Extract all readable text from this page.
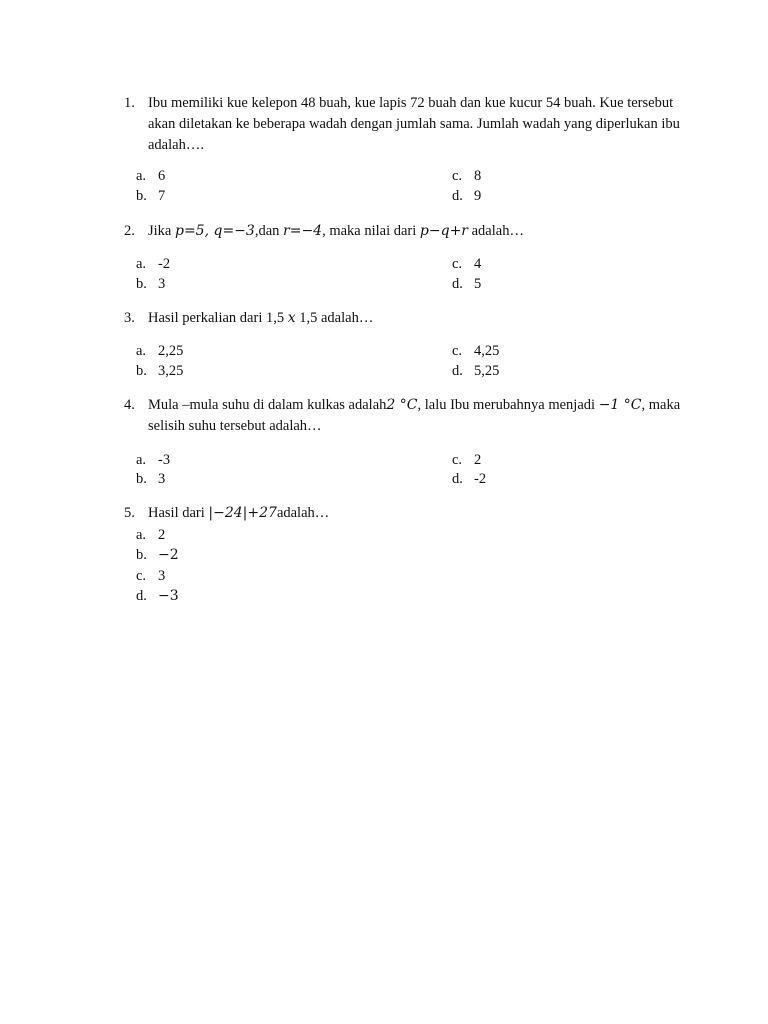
1. Ibu memiliki kue kelepon 48 buah, kue lapis 72 buah dan kue kucur 54 buah. Kue tersebut akan diletakan ke beberapa wadah dengan jumlah sama. Jumlah wadah yang diperlukan ibu adalah….
a. 6
b. 7
c. 8
d. 9
2. Jika p=5, q=−3,dan r=−4, maka nilai dari p−q+r adalah…
a. -2
b. 3
c. 4
d. 5
3. Hasil perkalian dari 1,5 x 1,5 adalah…
a. 2,25
b. 3,25
c. 4,25
d. 5,25
4. Mula –mula suhu di dalam kulkas adalah2 °C, lalu Ibu merubahnya menjadi −1 °C, maka selisih suhu tersebut adalah…
a. -3
b. 3
c. 2
d. -2
5. Hasil dari |−24|+27adalah…
a. 2
b. −2
c. 3
d. −3
